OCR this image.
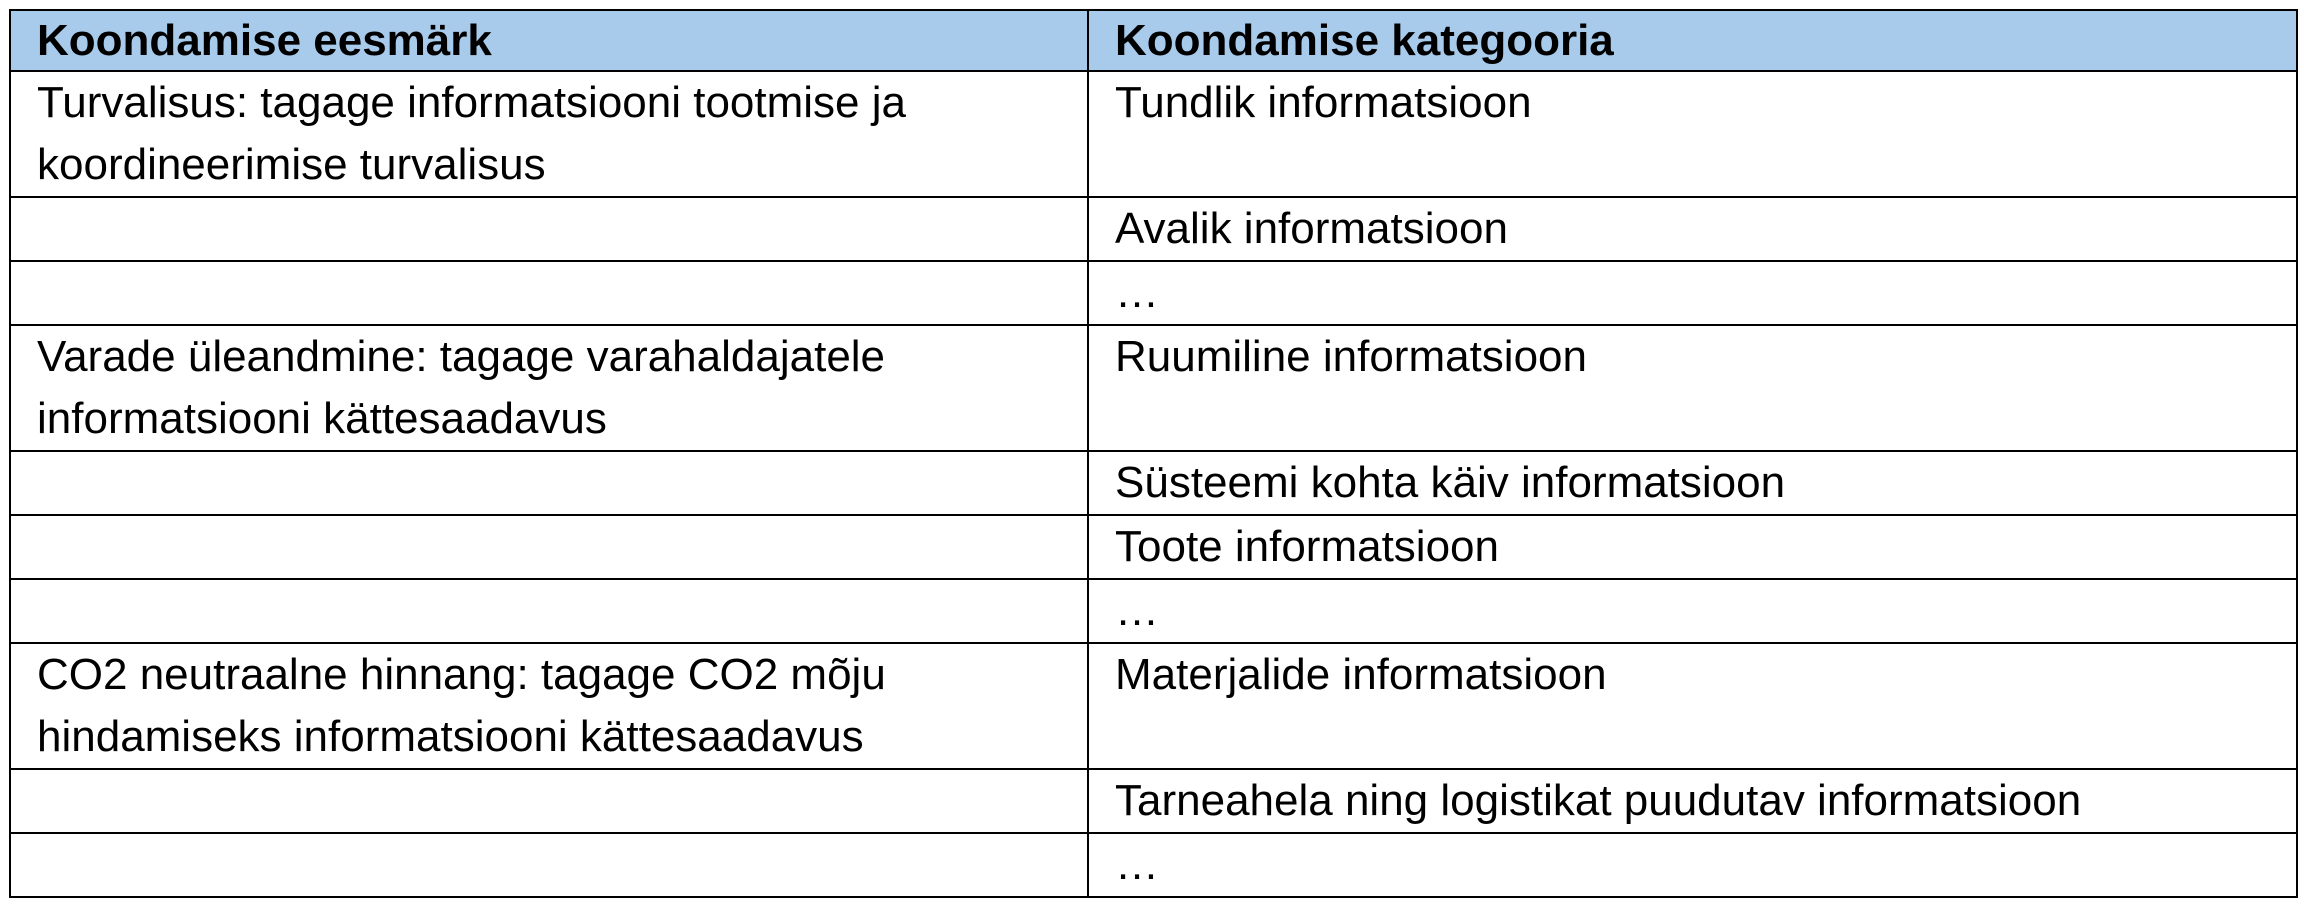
Koondamise eesmärk	Koondamise kategooria
Turvalisus: tagage informatsiooni tootmise ja koordineerimise turvalisus	Tundlik informatsioon
	Avalik informatsioon
	…
Varade üleandmine: tagage varahaldajatele informatsiooni kättesaadavus	Ruumiline informatsioon
	Süsteemi kohta käiv informatsioon
	Toote informatsioon
	…
CO2 neutraalne hinnang: tagage CO2 mõju hindamiseks informatsiooni kättesaadavus	Materjalide informatsioon
	Tarneahela ning logistikat puudutav informatsioon
	…
